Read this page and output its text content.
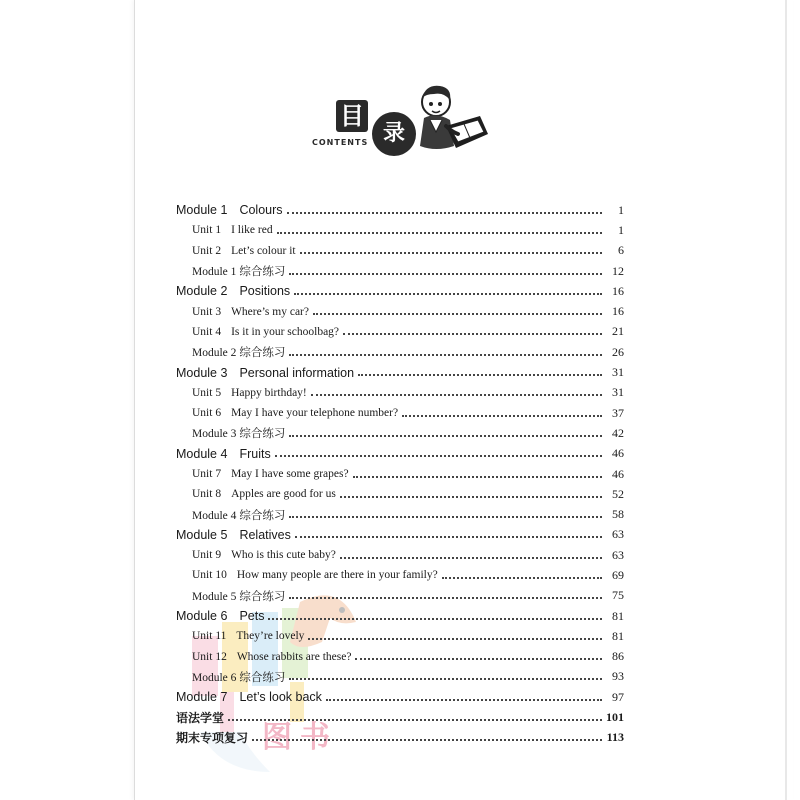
目
录
CONTENTS
图书
Module 1 Colours	1
Unit 1 I like red	1
Unit 2 Let’s colour it	6
Module 1 综合练习	12
Module 2 Positions	16
Unit 3 Where’s my car?	16
Unit 4 Is it in your schoolbag?	21
Module 2 综合练习	26
Module 3 Personal information	31
Unit 5 Happy birthday!	31
Unit 6 May I have your telephone number?	37
Module 3 综合练习	42
Module 4 Fruits	46
Unit 7 May I have some grapes?	46
Unit 8 Apples are good for us	52
Module 4 综合练习	58
Module 5 Relatives	63
Unit 9 Who is this cute baby?	63
Unit 10 How many people are there in your family?	69
Module 5 综合练习	75
Module 6 Pets	81
Unit 11 They’re lovely	81
Unit 12 Whose rabbits are these?	86
Module 6 综合练习	93
Module 7 Let’s look back	97
语法学堂	101
期末专项复习	113
